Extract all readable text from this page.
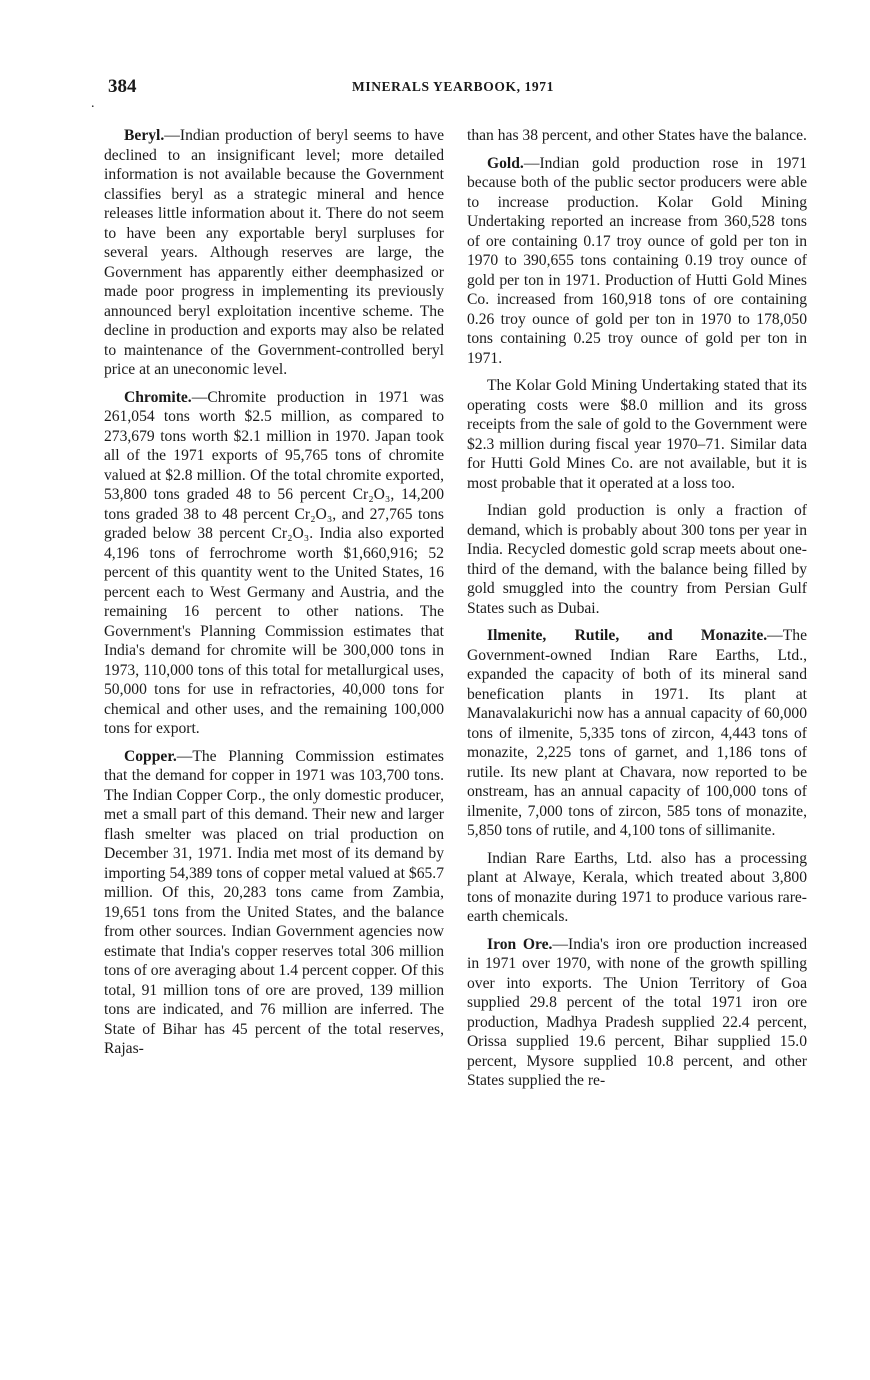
.
384	MINERALS YEARBOOK, 1971

Beryl.—Indian production of beryl seems to have declined to an insignificant level; more detailed information is not available because the Government classifies beryl as a strategic mineral and hence releases little information about it. There do not seem to have been any exportable beryl surpluses for several years. Although reserves are large, the Government has apparently either deemphasized or made poor progress in implementing its previously announced beryl exploitation incentive scheme. The decline in production and exports may also be related to maintenance of the Government-controlled beryl price at an uneconomic level.

Chromite.—Chromite production in 1971 was 261,054 tons worth $2.5 million, as compared to 273,679 tons worth $2.1 million in 1970. Japan took all of the 1971 exports of 95,765 tons of chromite valued at $2.8 million. Of the total chromite exported, 53,800 tons graded 48 to 56 percent Cr₂O₃, 14,200 tons graded 38 to 48 percent Cr₂O₃, and 27,765 tons graded below 38 percent Cr₂O₃. India also exported 4,196 tons of ferrochrome worth $1,660,916; 52 percent of this quantity went to the United States, 16 percent each to West Germany and Austria, and the remaining 16 percent to other nations. The Government's Planning Commission estimates that India's demand for chromite will be 300,000 tons in 1973, 110,000 tons of this total for metallurgical uses, 50,000 tons for use in refractories, 40,000 tons for chemical and other uses, and the remaining 100,000 tons for export.

Copper.—The Planning Commission estimates that the demand for copper in 1971 was 103,700 tons. The Indian Copper Corp., the only domestic producer, met a small part of this demand. Their new and larger flash smelter was placed on trial production on December 31, 1971. India met most of its demand by importing 54,389 tons of copper metal valued at $65.7 million. Of this, 20,283 tons came from Zambia, 19,651 tons from the United States, and the balance from other sources. Indian Government agencies now estimate that India's copper reserves total 306 million tons of ore averaging about 1.4 percent copper. Of this total, 91 million tons of ore are proved, 139 million tons are indicated, and 76 million are inferred. The State of Bihar has 45 percent of the total reserves, Rajas-

than has 38 percent, and other States have the balance.

Gold.—Indian gold production rose in 1971 because both of the public sector producers were able to increase production. Kolar Gold Mining Undertaking reported an increase from 360,528 tons of ore containing 0.17 troy ounce of gold per ton in 1970 to 390,655 tons containing 0.19 troy ounce of gold per ton in 1971. Production of Hutti Gold Mines Co. increased from 160,918 tons of ore containing 0.26 troy ounce of gold per ton in 1970 to 178,050 tons containing 0.25 troy ounce of gold per ton in 1971.

The Kolar Gold Mining Undertaking stated that its operating costs were $8.0 million and its gross receipts from the sale of gold to the Government were $2.3 million during fiscal year 1970–71. Similar data for Hutti Gold Mines Co. are not available, but it is most probable that it operated at a loss too.

Indian gold production is only a fraction of demand, which is probably about 300 tons per year in India. Recycled domestic gold scrap meets about one-third of the demand, with the balance being filled by gold smuggled into the country from Persian Gulf States such as Dubai.

Ilmenite, Rutile, and Monazite.—The Government-owned Indian Rare Earths, Ltd., expanded the capacity of both of its mineral sand benefication plants in 1971. Its plant at Manavalakurichi now has a annual capacity of 60,000 tons of ilmenite, 5,335 tons of zircon, 4,443 tons of monazite, 2,225 tons of garnet, and 1,186 tons of rutile. Its new plant at Chavara, now reported to be onstream, has an annual capacity of 100,000 tons of ilmenite, 7,000 tons of zircon, 585 tons of monazite, 5,850 tons of rutile, and 4,100 tons of sillimanite.

Indian Rare Earths, Ltd. also has a processing plant at Alwaye, Kerala, which treated about 3,800 tons of monazite during 1971 to produce various rare-earth chemicals.

Iron Ore.—India's iron ore production increased in 1971 over 1970, with none of the growth spilling over into exports. The Union Territory of Goa supplied 29.8 percent of the total 1971 iron ore production, Madhya Pradesh supplied 22.4 percent, Orissa supplied 19.6 percent, Bihar supplied 15.0 percent, Mysore supplied 10.8 percent, and other States supplied the re-
